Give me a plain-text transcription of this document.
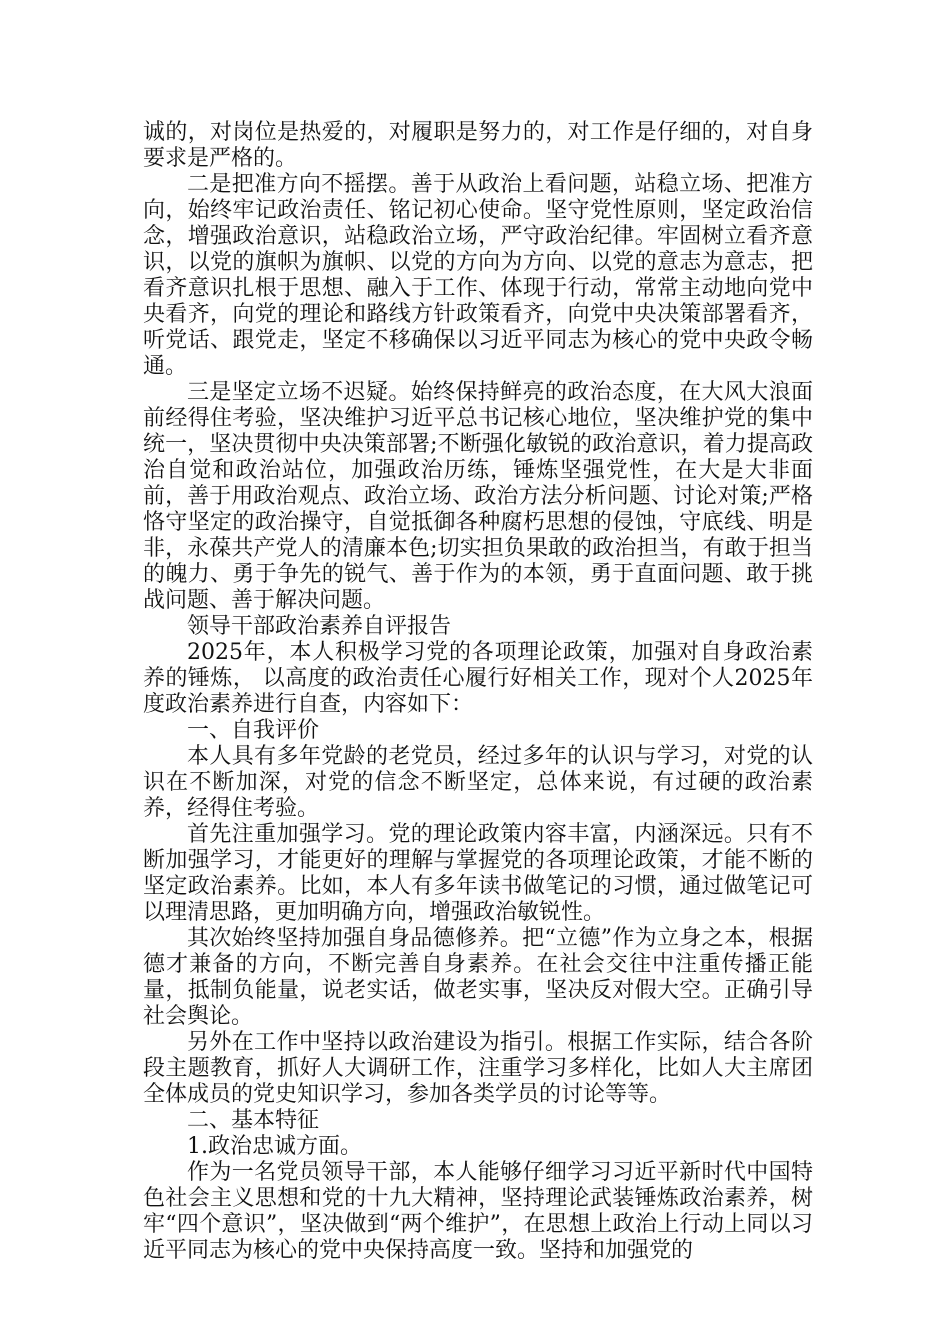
诚的，对岗位是热爱的，对履职是努力的，对工作是仔细的，对自身要求是严格的。

二是把准方向不摇摆。善于从政治上看问题，站稳立场、把准方向，始终牢记政治责任、铭记初心使命。坚守党性原则，坚定政治信念，增强政治意识，站稳政治立场，严守政治纪律。牢固树立看齐意识，以党的旗帜为旗帜、以党的方向为方向、以党的意志为意志，把看齐意识扎根于思想、融入于工作、体现于行动，常常主动地向党中央看齐，向党的理论和路线方针政策看齐，向党中央决策部署看齐，听党话、跟党走，坚定不移确保以习近平同志为核心的党中央政令畅通。

三是坚定立场不迟疑。始终保持鲜亮的政治态度，在大风大浪面前经得住考验，坚决维护习近平总书记核心地位，坚决维护党的集中统一，坚决贯彻中央决策部署;不断强化敏锐的政治意识，着力提高政治自觉和政治站位，加强政治历练，锤炼坚强党性，在大是大非面前，善于用政治观点、政治立场、政治方法分析问题、讨论对策;严格恪守坚定的政治操守，自觉抵御各种腐朽思想的侵蚀，守底线、明是非，永葆共产党人的清廉本色;切实担负果敢的政治担当，有敢于担当的魄力、勇于争先的锐气、善于作为的本领，勇于直面问题、敢于挑战问题、善于解决问题。

领导干部政治素养自评报告

2025年，本人积极学习党的各项理论政策，加强对自身政治素养的锤炼， 以高度的政治责任心履行好相关工作，现对个人2025年度政治素养进行自查，内容如下：

一、自我评价

本人具有多年党龄的老党员，经过多年的认识与学习，对党的认识在不断加深，对党的信念不断坚定，总体来说，有过硬的政治素养，经得住考验。

首先注重加强学习。党的理论政策内容丰富，内涵深远。只有不断加强学习，才能更好的理解与掌握党的各项理论政策，才能不断的坚定政治素养。比如，本人有多年读书做笔记的习惯，通过做笔记可以理清思路，更加明确方向，增强政治敏锐性。

其次始终坚持加强自身品德修养。把“立德”作为立身之本，根据德才兼备的方向，不断完善自身素养。在社会交往中注重传播正能量，抵制负能量，说老实话，做老实事，坚决反对假大空。正确引导社会舆论。

另外在工作中坚持以政治建设为指引。根据工作实际，结合各阶段主题教育，抓好人大调研工作，注重学习多样化，比如人大主席团全体成员的党史知识学习，参加各类学员的讨论等等。

二、基本特征

1.政治忠诚方面。

作为一名党员领导干部，本人能够仔细学习习近平新时代中国特色社会主义思想和党的十九大精神，坚持理论武装锤炼政治素养，树牢“四个意识”，坚决做到“两个维护”，在思想上政治上行动上同以习近平同志为核心的党中央保持高度一致。坚持和加强党的
